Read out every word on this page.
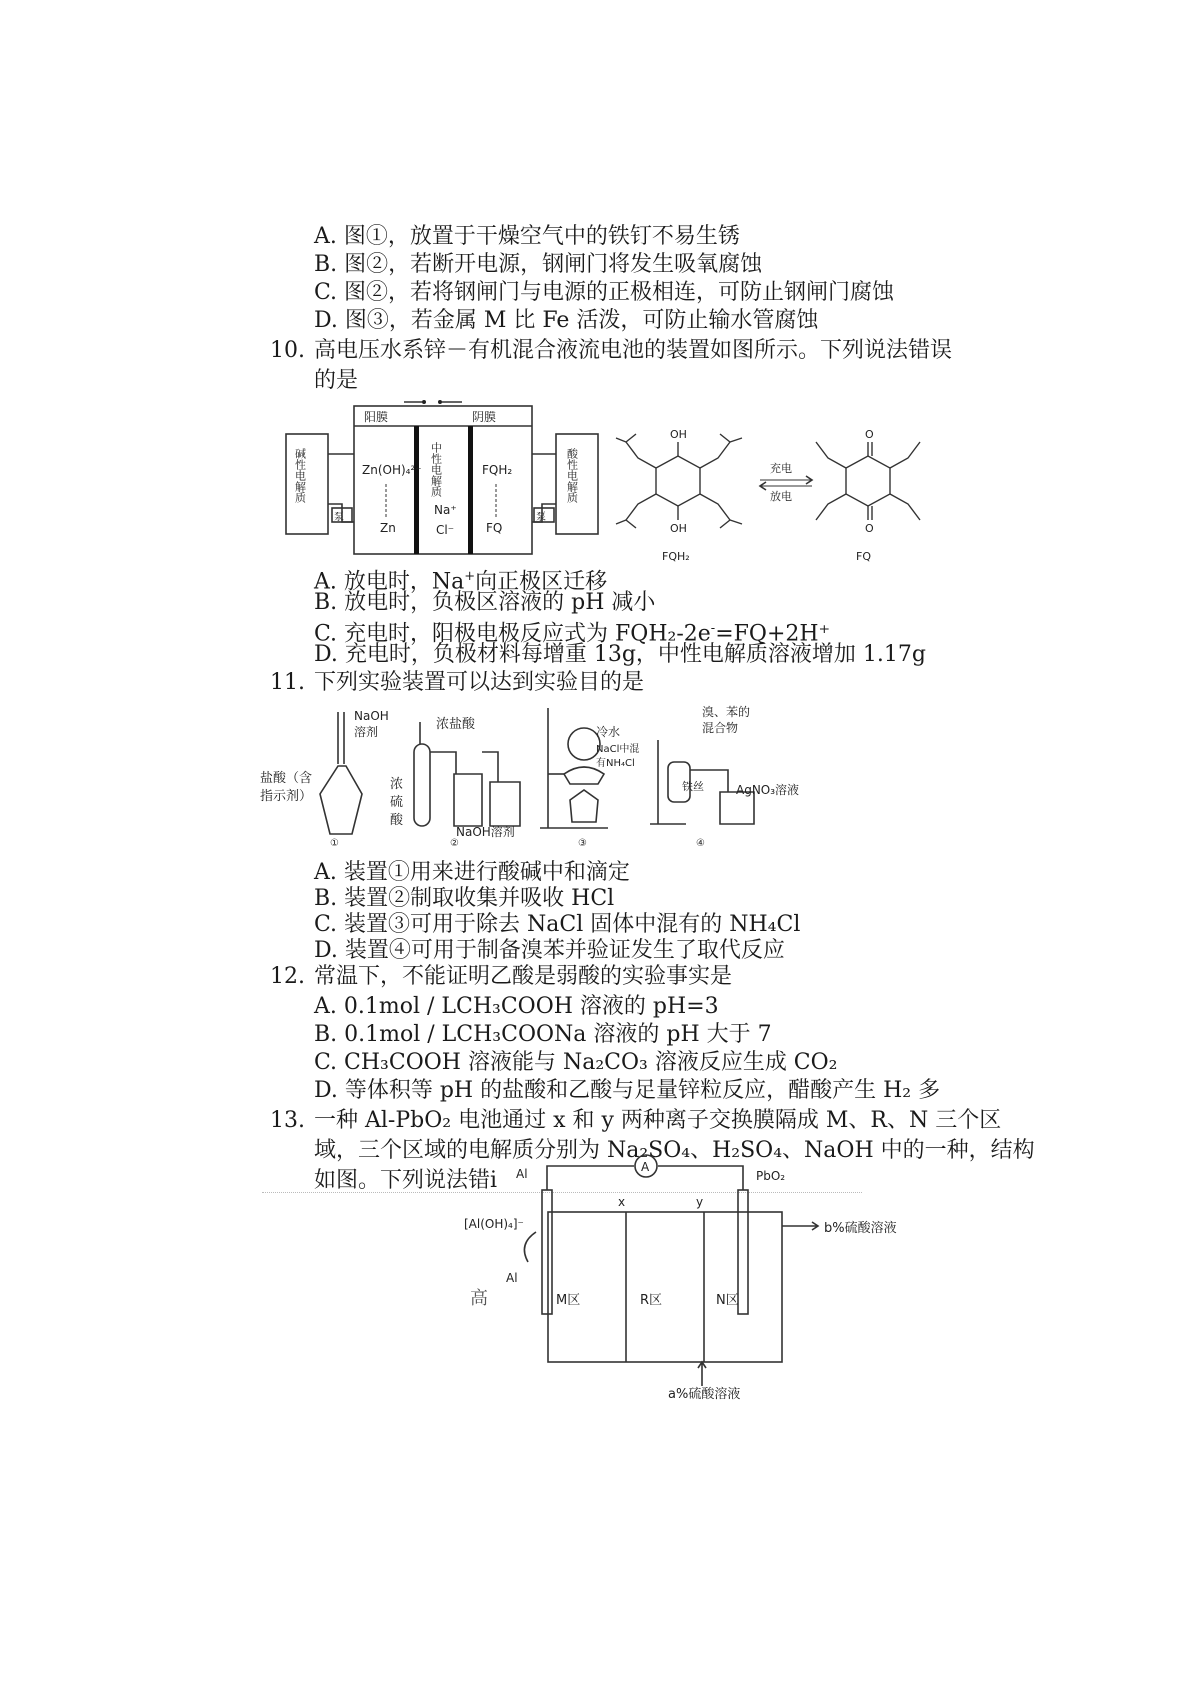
A. 图①，放置于干燥空气中的铁钉不易生锈
B. 图②，若断开电源，钢闸门将发生吸氧腐蚀
C. 图②，若将钢闸门与电源的正极相连，可防止钢闸门腐蚀
D. 图③，若金属 M 比 Fe 活泼，可防止输水管腐蚀
10. 高电压水系锌－有机混合液流电池的装置如图所示。下列说法错误
的是
阳膜	阴膜
中性电解质
Zn(OH)₄²⁻
Zn
FQH₂
FQ
Na⁺
Cl⁻
碱性电解质
泵
酸性电解质
泵
OH
OH
FQH₂
充电
放电
O
O
FQ
A. 放电时，Na+向正极区迁移
B. 放电时，负极区溶液的 pH 减小
C. 充电时，阳极电极反应式为 FQH₂-2e-=FQ+2H⁺
D. 充电时，负极材料每增重 13g，中性电解质溶液增加 1.17g
11. 下列实验装置可以达到实验目的是
NaOH
溶剂
盐酸（含
指示剂）
①
浓盐酸
浓
硫
酸
NaOH溶剂
②
冷水
NaCl中混
有NH₄Cl
③
溴、苯的
混合物
铁丝	AgNO₃溶液
④
A. 装置①用来进行酸碱中和滴定
B. 装置②制取收集并吸收 HCl
C. 装置③可用于除去 NaCl 固体中混有的 NH₄Cl
D. 装置④可用于制备溴苯并验证发生了取代反应
12. 常温下，不能证明乙酸是弱酸的实验事实是
A. 0.1mol / LCH₃COOH 溶液的 pH=3
B. 0.1mol / LCH₃COONa 溶液的 pH 大于 7
C. CH₃COOH 溶液能与 Na₂CO₃ 溶液反应生成 CO₂
D. 等体积等 pH 的盐酸和乙酸与足量锌粒反应，醋酸产生 H₂ 多
13. 一种 Al-PbO₂ 电池通过 x 和 y 两种离子交换膜隔成 M、R、N 三个区
域，三个区域的电解质分别为 Na₂SO₄、H₂SO₄、NaOH 中的一种，结构
如图。下列说法错i
高
A
Al	PbO₂
x	y
[Al(OH)₄]⁻
Al
b%硫酸溶液
a%硫酸溶液
M区	R区	N区
